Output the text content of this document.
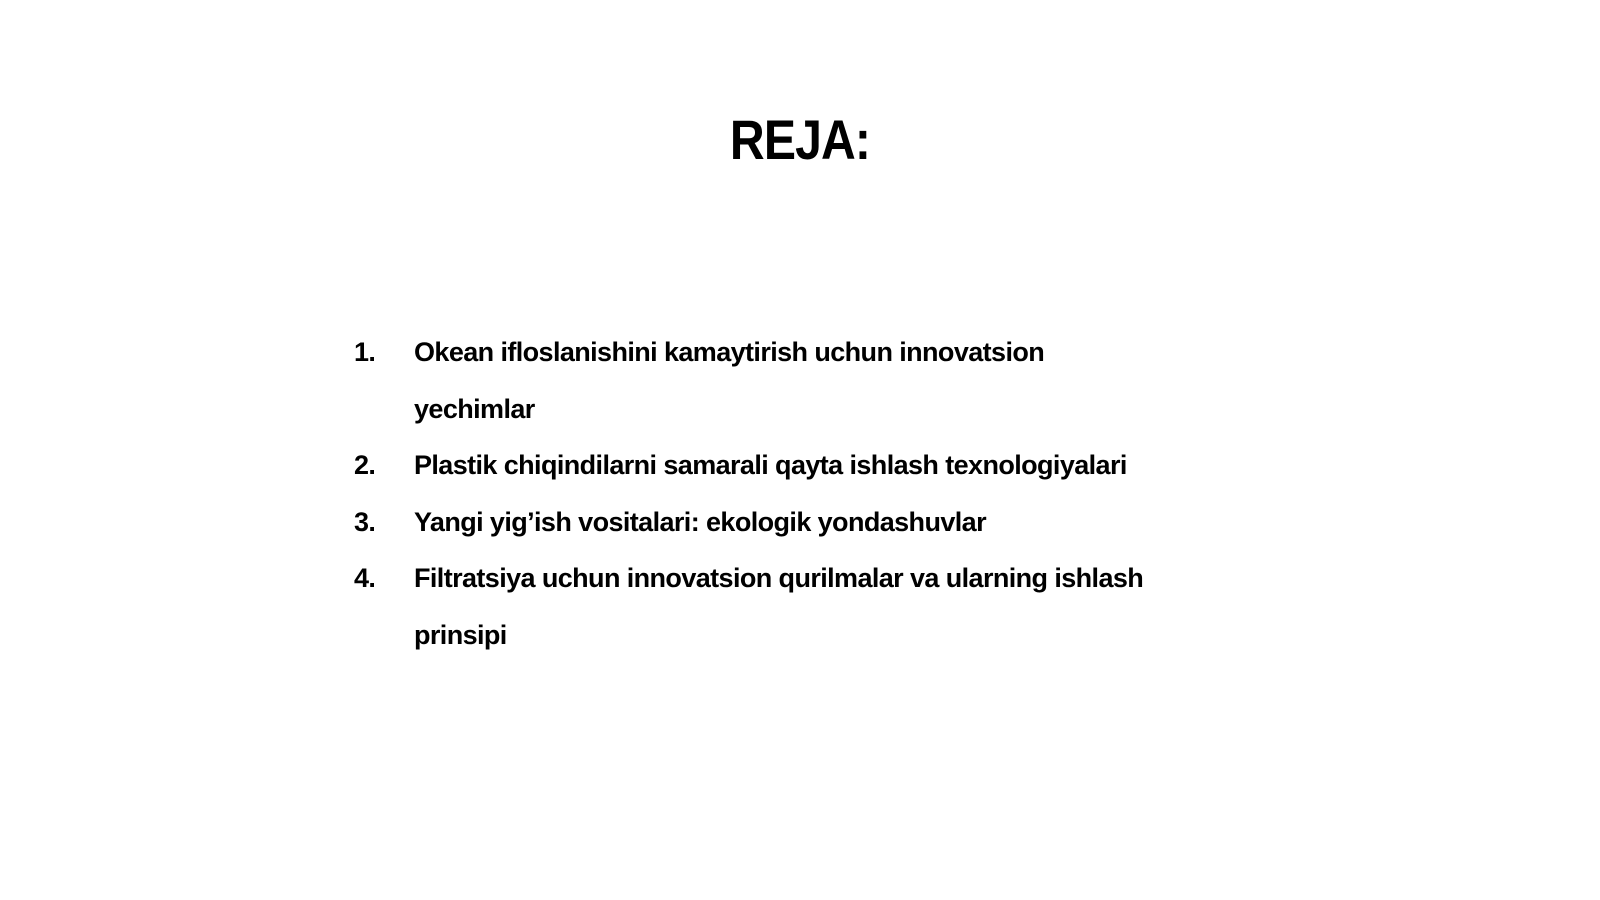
REJA:
1.	Okean ifloslanishini kamaytirish uchun innovatsion
yechimlar
2.	Plastik chiqindilarni samarali qayta ishlash texnologiyalari
3.	Yangi yig’ish vositalari: ekologik yondashuvlar
4.	Filtratsiya uchun innovatsion qurilmalar va ularning ishlash
prinsipi
